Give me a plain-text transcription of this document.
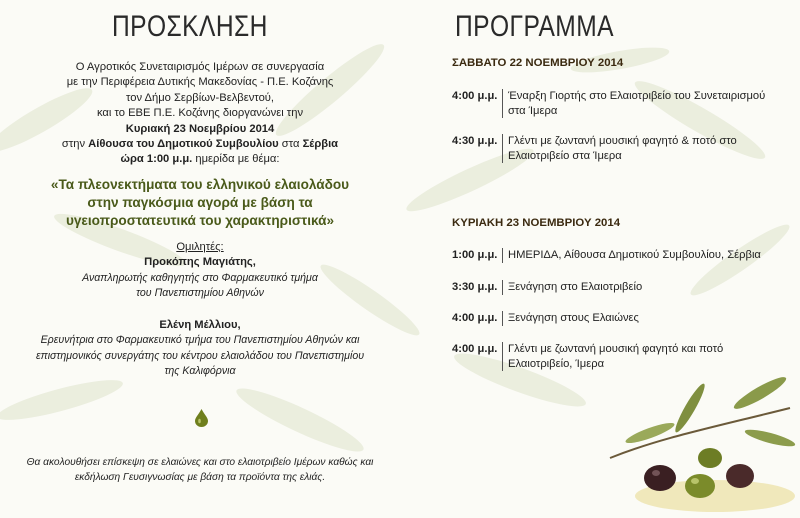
ΠΡΟΣΚΛΗΣΗ
Ο Αγροτικός Συνεταιρισμός Ιμέρων σε συνεργασία
με την Περιφέρεια Δυτικής Μακεδονίας - Π.Ε. Κοζάνης
τον Δήμο Σερβίων-Βελβεντού,
και το ΕΒΕ Π.Ε. Κοζάνης διοργανώνει την
Κυριακή 23 Νοεμβρίου 2014
στην Αίθουσα του Δημοτικού Συμβουλίου στα Σέρβια
ώρα 1:00 μ.μ. ημερίδα με θέμα:
«Τα πλεονεκτήματα του ελληνικού ελαιολάδου
στην παγκόσμια αγορά με βάση τα
υγειοπροστατευτικά του χαρακτηριστικά»
Ομιλητές:
Προκόπης Μαγιάτης,
Αναπληρωτής καθηγητής στο Φαρμακευτικό τμήμα
του Πανεπιστημίου Αθηνών
Ελένη Μέλλιου,
Ερευνήτρια στο Φαρμακευτικό τμήμα του Πανεπιστημίου Αθηνών και
επιστημονικός συνεργάτης του κέντρου ελαιολάδου του Πανεπιστημίου
της Καλιφόρνια
Θα ακολουθήσει επίσκεψη σε ελαιώνες και στο ελαιοτριβείο Ιμέρων καθώς και
εκδήλωση Γευσιγνωσίας με βάση τα προϊόντα της ελιάς.
ΠΡΟΓΡΑΜΜΑ
ΣΑΒΒΑΤΟ 22 ΝΟΕΜΒΡΙΟΥ 2014
4:00 μ.μ. Έναρξη Γιορτής στο Ελαιοτριβείο του Συνεταιρισμού στα Ίμερα
4:30 μ.μ. Γλέντι με ζωντανή μουσική φαγητό & ποτό στο Ελαιοτριβείο στα Ίμερα
ΚΥΡΙΑΚΗ 23 ΝΟΕΜΒΡΙΟΥ 2014
1:00 μ.μ. ΗΜΕΡΙΔΑ, Αίθουσα Δημοτικού Συμβουλίου, Σέρβια
3:30 μ.μ. Ξενάγηση στο Ελαιοτριβείο
4:00 μ.μ. Ξενάγηση στους Ελαιώνες
4:00 μ.μ. Γλέντι με ζωντανή μουσική φαγητό και ποτό Ελαιοτριβείο, Ίμερα
